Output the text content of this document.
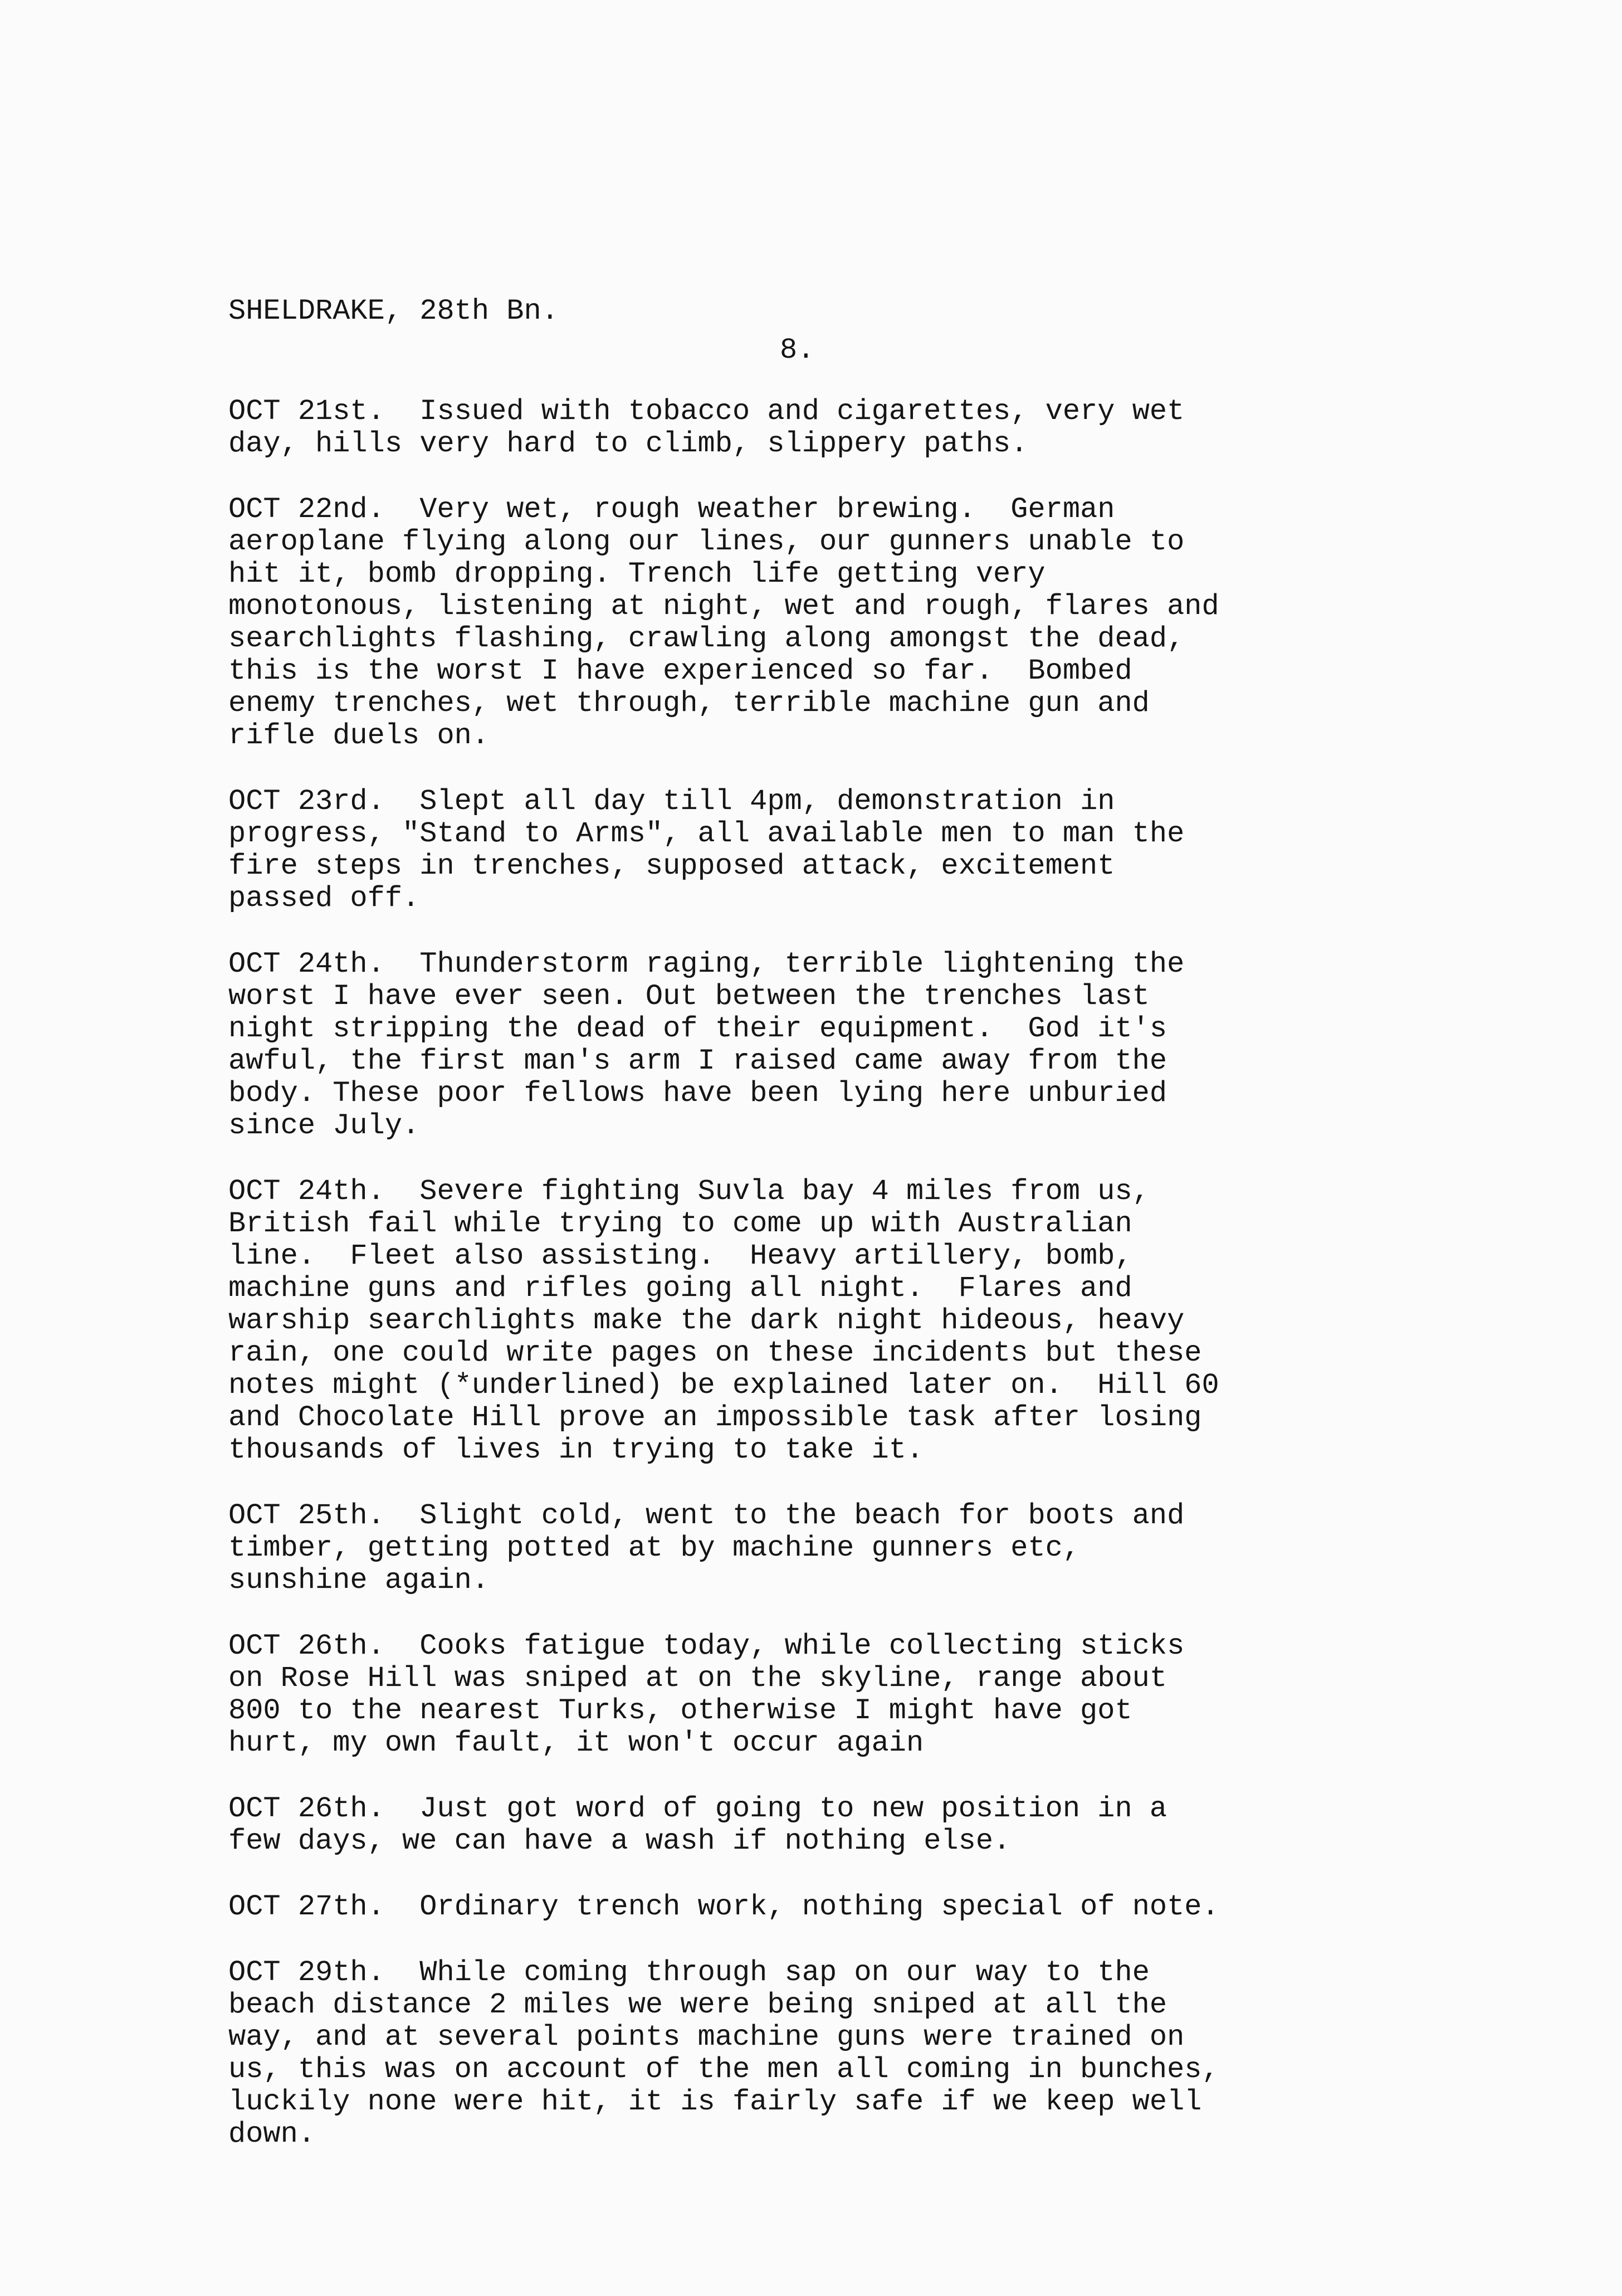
SHELDRAKE, 28th Bn.
8.
OCT 21st. Issued with tobacco and cigarettes, very wet
day, hills very hard to climb, slippery paths.
OCT 22nd. Very wet, rough weather brewing.  German
aeroplane flying along our lines, our gunners unable to
hit it, bomb dropping. Trench life getting very
monotonous, listening at night, wet and rough, flares and
searchlights flashing, crawling along amongst the dead,
this is the worst I have experienced so far.  Bombed
enemy trenches, wet through, terrible machine gun and
rifle duels on.
OCT 23rd. Slept all day till 4pm, demonstration in
progress, "Stand to Arms", all available men to man the
fire steps in trenches, supposed attack, excitement
passed off.
OCT 24th. Thunderstorm raging, terrible lightening the
worst I have ever seen. Out between the trenches last
night stripping the dead of their equipment.  God it's
awful, the first man's arm I raised came away from the
body. These poor fellows have been lying here unburied
since July.
OCT 24th. Severe fighting Suvla bay 4 miles from us,
British fail while trying to come up with Australian
line.  Fleet also assisting.  Heavy artillery, bomb,
machine guns and rifles going all night.  Flares and
warship searchlights make the dark night hideous, heavy
rain, one could write pages on these incidents but these
notes might (*underlined) be explained later on.  Hill 60
and Chocolate Hill prove an impossible task after losing
thousands of lives in trying to take it.
OCT 25th. Slight cold, went to the beach for boots and
timber, getting potted at by machine gunners etc,
sunshine again.
OCT 26th. Cooks fatigue today, while collecting sticks
on Rose Hill was sniped at on the skyline, range about
800 to the nearest Turks, otherwise I might have got
hurt, my own fault, it won't occur again
OCT 26th. Just got word of going to new position in a
few days, we can have a wash if nothing else.
OCT 27th. Ordinary trench work, nothing special of note.
OCT 29th. While coming through sap on our way to the
beach distance 2 miles we were being sniped at all the
way, and at several points machine guns were trained on
us, this was on account of the men all coming in bunches,
luckily none were hit, it is fairly safe if we keep well
down.
